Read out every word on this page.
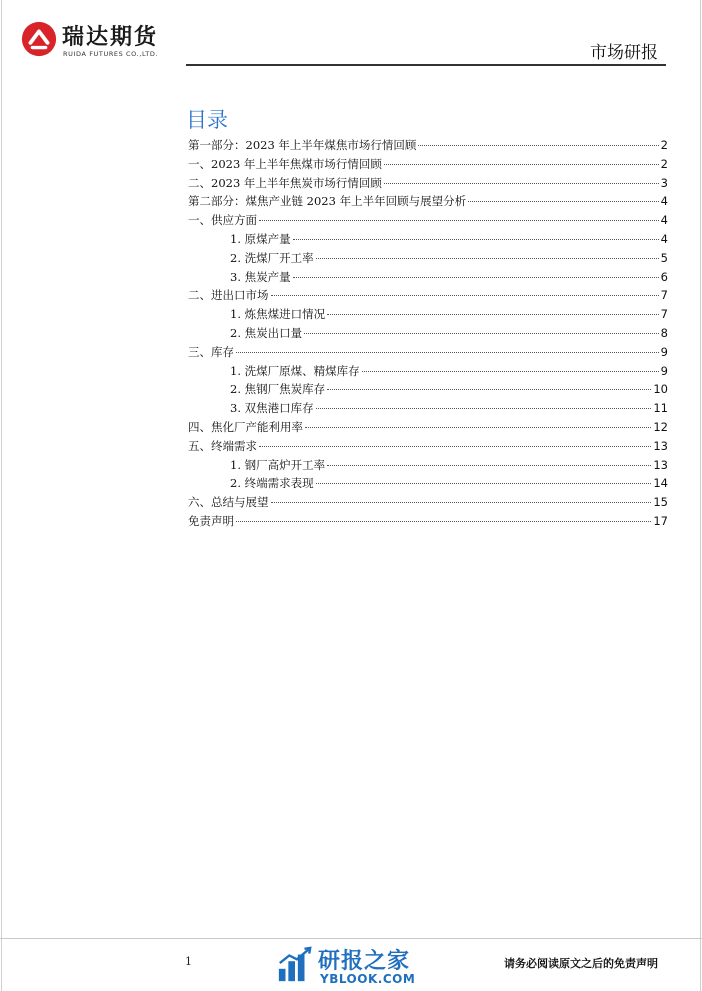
瑞达期货
RUIDA FUTURES CO.,LTD.	市场研报
目录
第一部分：2023 年上半年煤焦市场行情回顾	2
一、2023 年上半年焦煤市场行情回顾	2
二、2023 年上半年焦炭市场行情回顾	3
第二部分：煤焦产业链 2023 年上半年回顾与展望分析	4
一、供应方面	4
1. 原煤产量	4
2. 洗煤厂开工率	5
3. 焦炭产量	6
二、进出口市场	7
1. 炼焦煤进口情况	7
2. 焦炭出口量	8
三、库存	9
1. 洗煤厂原煤、精煤库存	9
2. 焦钢厂焦炭库存	10
3. 双焦港口库存	11
四、焦化厂产能利用率	12
五、终端需求	13
1. 钢厂高炉开工率	13
2. 终端需求表现	14
六、总结与展望	15
免责声明	17
1	研报之家
YBLOOK.COM
请务必阅读原文之后的免责声明
